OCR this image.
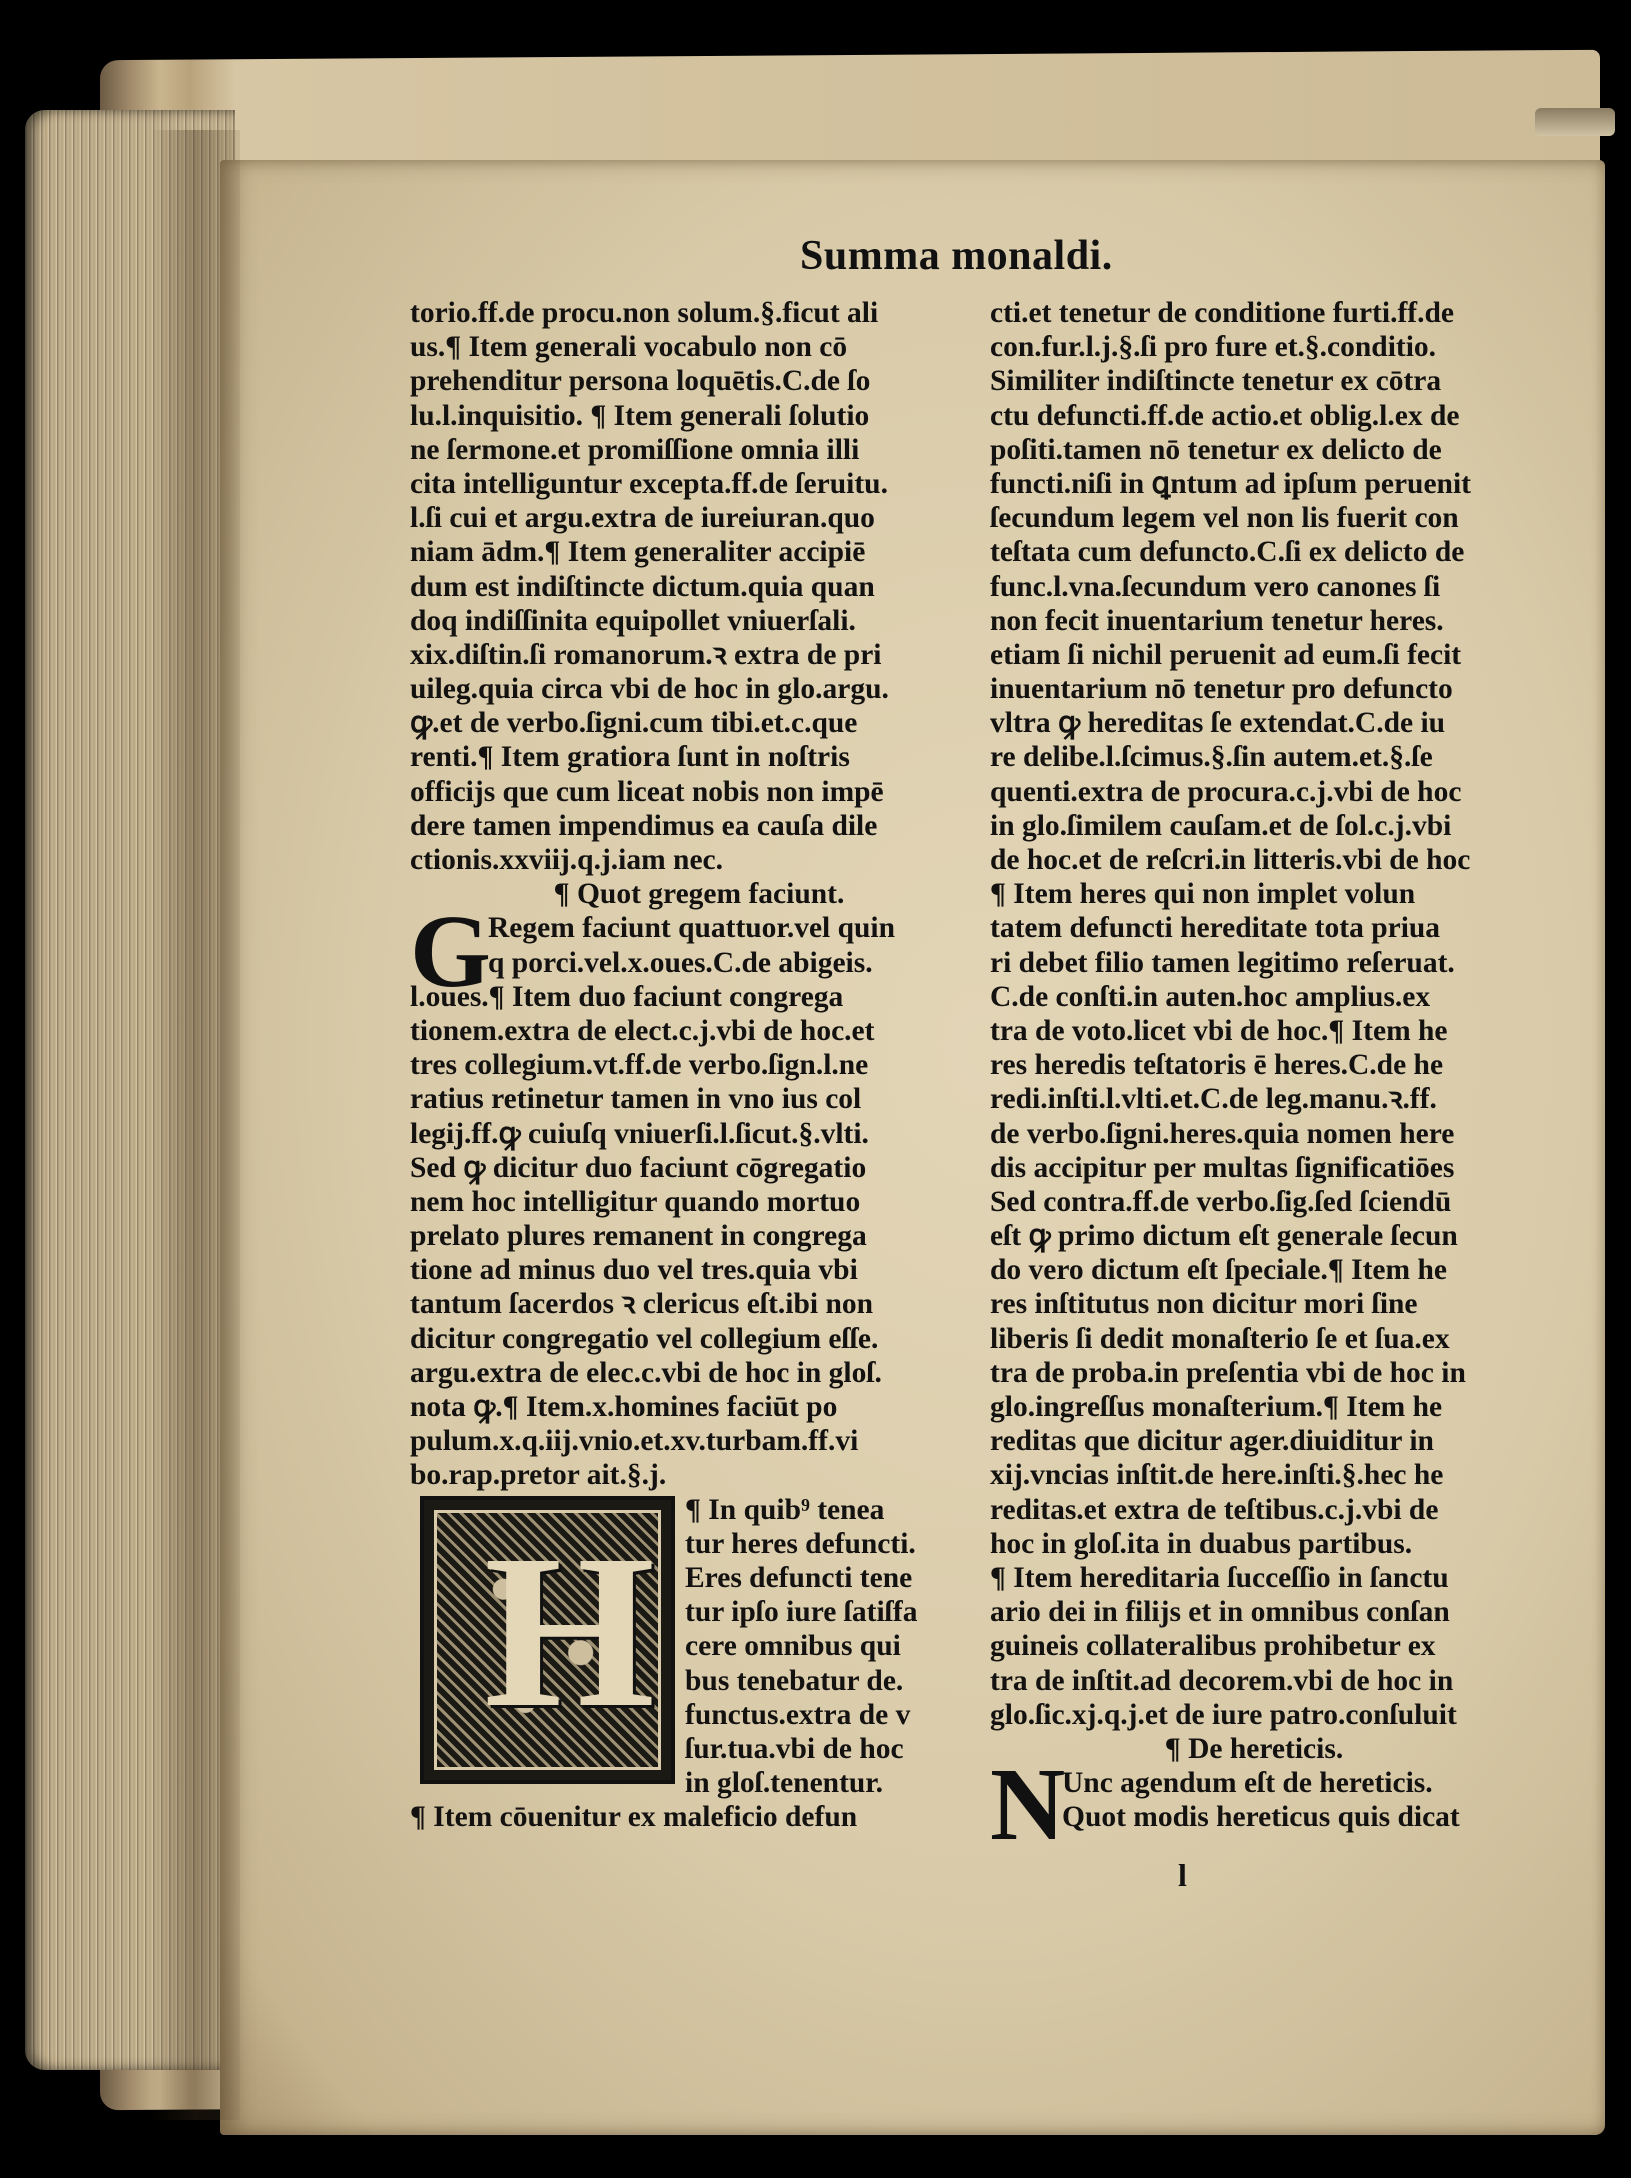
Summa monaldi.
torio.ff.de procu.non solum.§.ficut ali
us.¶ Item generali vocabulo non cō
prehenditur persona loquētis.C.de ſo
lu.l.inquisitio. ¶ Item generali ſolutio
ne ſermone.et promiſſione omnia illi
cita intelliguntur excepta.ff.de ſeruitu.
l.ſi cui et argu.extra de iureiuran.quo
niam ādm.¶ Item generaliter accipiē
dum est indiſtincte dictum.quia quan
doq indiſſinita equipollet vniuerſali.
xix.diſtin.ſi romanorum.ꝛ extra de pri
uileg.quia circa vbi de hoc in glo.argu.
ꝙ.et de verbo.ſigni.cum tibi.et.c.que
renti.¶ Item gratiora ſunt in noſtris
officijs que cum liceat nobis non impē
dere tamen impendimus ea cauſa dile
ctionis.xxviij.q.j.iam nec.
¶ Quot gregem faciunt.
G
Regem faciunt quattuor.vel quin
q porci.vel.x.oues.C.de abigeis.
l.oues.¶ Item duo faciunt congrega
tionem.extra de elect.c.j.vbi de hoc.et
tres collegium.vt.ff.de verbo.ſign.l.ne
ratius retinetur tamen in vno ius col
legij.ff.ꝙ cuiuſq vniuerſi.l.ſicut.§.vlti.
Sed ꝙ dicitur duo faciunt cōgregatio
nem hoc intelligitur quando mortuo
prelato plures remanent in congrega
tione ad minus duo vel tres.quia vbi
tantum ſacerdos ꝛ clericus eſt.ibi non
dicitur congregatio vel collegium eſſe.
argu.extra de elec.c.vbi de hoc in gloſ.
nota ꝙ.¶ Item.x.homines faciūt po
pulum.x.q.iij.vnio.et.xv.turbam.ff.vi
bo.rap.pretor ait.§.j.
¶ In quib⁹ tenea
tur heres defuncti.
Eres defuncti tene
tur ipſo iure ſatiſfa
cere omnibus qui
bus tenebatur de.
functus.extra de v
ſur.tua.vbi de hoc
in gloſ.tenentur.
¶ Item cōuenitur ex maleficio defun
H
cti.et tenetur de conditione furti.ff.de
con.fur.l.j.§.ſi pro fure et.§.conditio.
Similiter indiſtincte tenetur ex cōtra
ctu defuncti.ff.de actio.et oblig.l.ex de
poſiti.tamen nō tenetur ex delicto de
functi.niſi in ꝗntum ad ipſum peruenit
ſecundum legem vel non lis fuerit con
teſtata cum defuncto.C.ſi ex delicto de
func.l.vna.ſecundum vero canones ſi
non fecit inuentarium tenetur heres.
etiam ſi nichil peruenit ad eum.ſi fecit
inuentarium nō tenetur pro defuncto
vltra ꝙ hereditas ſe extendat.C.de iu
re delibe.l.ſcimus.§.ſin autem.et.§.ſe
quenti.extra de procura.c.j.vbi de hoc
in glo.ſimilem cauſam.et de ſol.c.j.vbi
de hoc.et de reſcri.in litteris.vbi de hoc
¶ Item heres qui non implet volun
tatem defuncti hereditate tota priua
ri debet filio tamen legitimo reſeruat.
C.de conſti.in auten.hoc amplius.ex
tra de voto.licet vbi de hoc.¶ Item he
res heredis teſtatoris ē heres.C.de he
redi.inſti.l.vlti.et.C.de leg.manu.ꝛ.ff.
de verbo.ſigni.heres.quia nomen here
dis accipitur per multas ſignificatiōes
Sed contra.ff.de verbo.ſig.ſed ſciendū
eſt ꝙ primo dictum eſt generale ſecun
do vero dictum eſt ſpeciale.¶ Item he
res inſtitutus non dicitur mori ſine
liberis ſi dedit monaſterio ſe et ſua.ex
tra de proba.in preſentia vbi de hoc in
glo.ingreſſus monaſterium.¶ Item he
reditas que dicitur ager.diuiditur in
xij.vncias inſtit.de here.inſti.§.hec he
reditas.et extra de teſtibus.c.j.vbi de
hoc in gloſ.ita in duabus partibus.
¶ Item hereditaria ſucceſſio in ſanctu
ario dei in filijs et in omnibus conſan
guineis collateralibus prohibetur ex
tra de inſtit.ad decorem.vbi de hoc in
glo.ſic.xj.q.j.et de iure patro.conſuluit
¶ De hereticis.
N
Unc agendum eſt de hereticis.
Quot modis hereticus quis dicat
l
